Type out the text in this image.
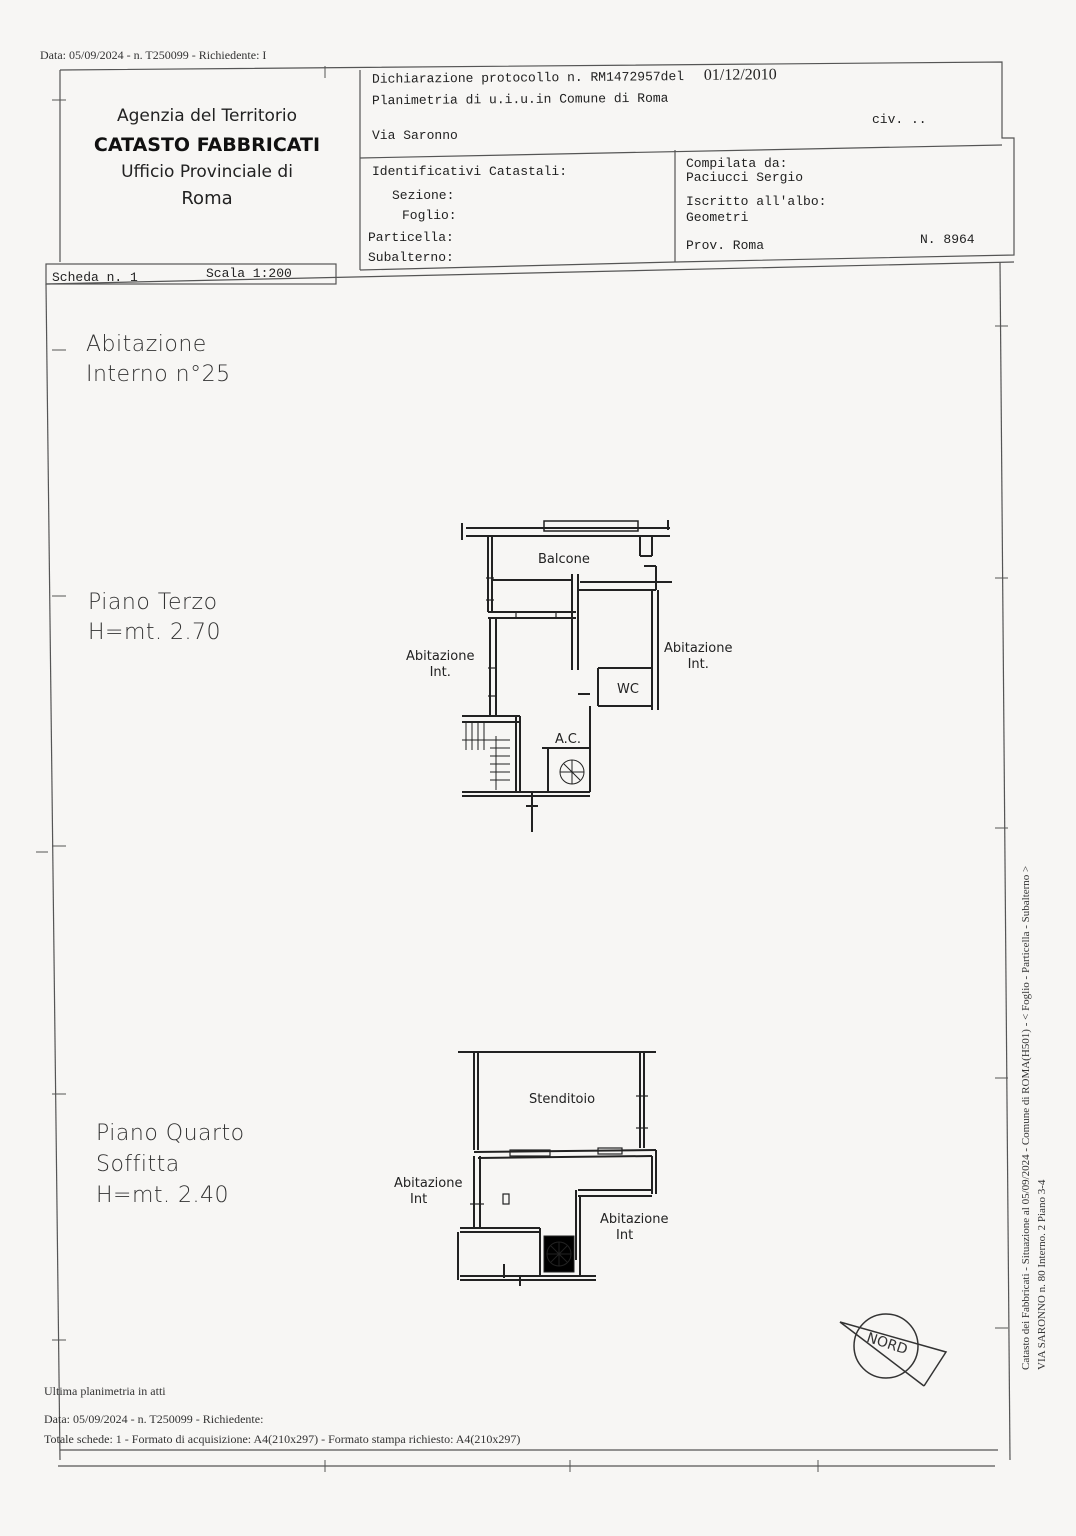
Data: 05/09/2024 - n. T250099 - Richiedente: I
Agenzia del Territorio
CATASTO FABBRICATI
Ufficio Provinciale di
Roma
Dichiarazione protocollo n. RM1472957del 01/12/2010
Planimetria di u.i.u.in Comune di Roma
Via Saronno
civ. ..
Identificativi Catastali:
Sezione:
Foglio:
Particella:
Subalterno:
Compilata da:
Paciucci Sergio
Iscritto all'albo:
Geometri
Prov. Roma	N. 8964
Scheda n. 1	Scala 1:200
Abitazione
Interno n°25
Piano Terzo
H=mt. 2.70
Piano Quarto
Soffitta
H=mt. 2.40
Balcone
WC
A.C.
Abitazione
Int.
Abitazione
Int.
Stenditoio
Abitazione
Int
Abitazione
Int
NORD	Catasto dei Fabbricati - Situazione al 05/09/2024 - Comune di ROMA(H501) - < Foglio - Particella - Subalterno > VIA SARONNO n. 80 Interno. 2 Piano 3-4
Ultima planimetria in atti
Data: 05/09/2024 - n. T250099 - Richiedente:
Totale schede: 1 - Formato di acquisizione: A4(210x297) - Formato stampa richiesto: A4(210x297)
